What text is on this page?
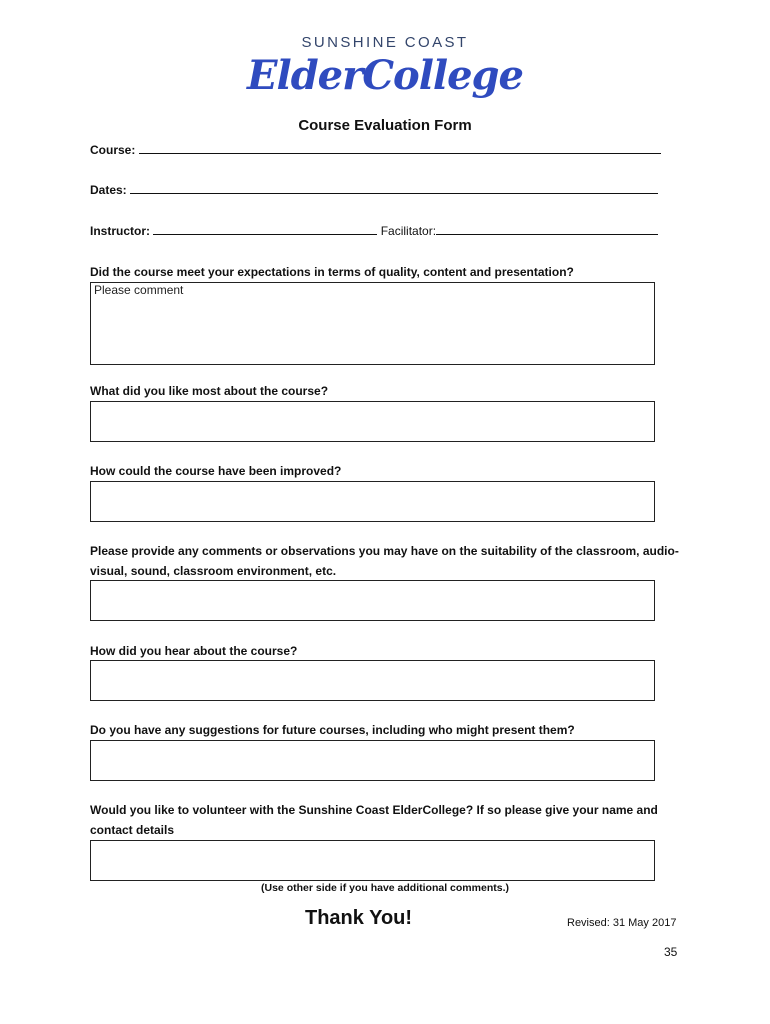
SUNSHINE COAST
ElderCollege
Course Evaluation Form
Course:
Dates:
Instructor:	Facilitator:
Did the course meet your expectations in terms of quality, content and presentation?
Please comment
What did you like most about the course?
How could the course have been improved?
Please provide any comments or observations you may have on the suitability of the classroom, audio-visual, sound, classroom environment, etc.
How did you hear about the course?
Do you have any suggestions for future courses, including who might present them?
Would you like to volunteer with the Sunshine Coast ElderCollege? If so please give your name and contact details
(Use other side if you have additional comments.)
Thank You!	Revised: 31 May 2017
35
